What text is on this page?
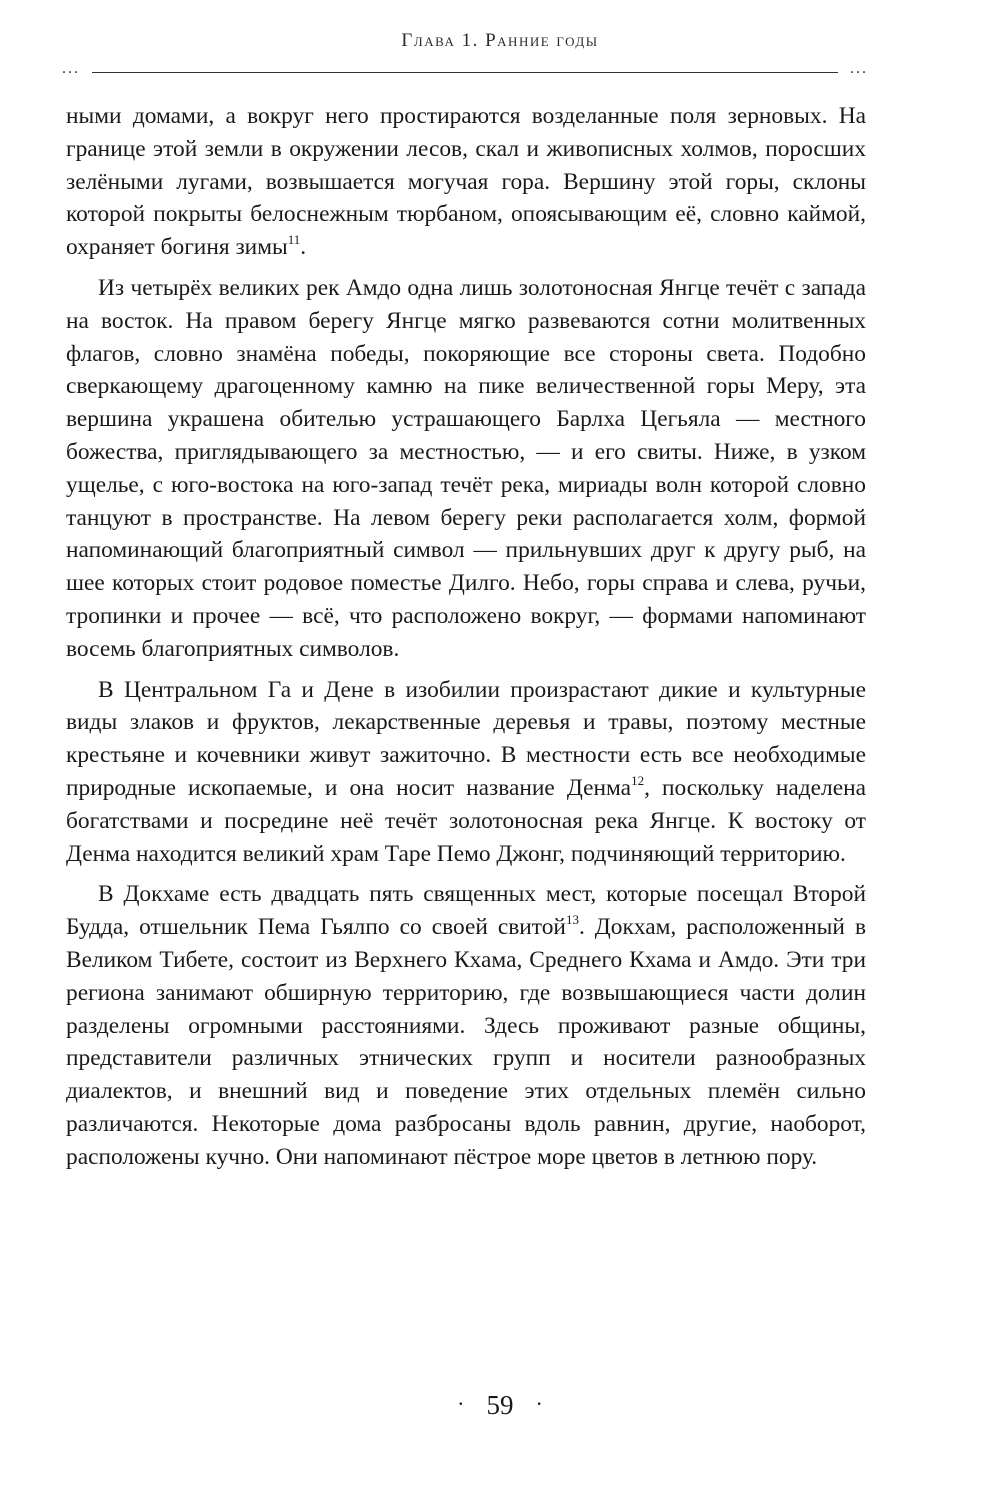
Глава 1. Ранние годы
...	...

ными домами, а вокруг него простираются возделанные поля зерновых. На границе этой земли в окружении лесов, скал и живописных холмов, поросших зелёными лугами, возвышается могучая гора. Вершину этой горы, склоны которой покрыты белоснежным тюрбаном, опоясывающим её, словно каймой, охраняет богиня зимы$^{11}$.

Из четырёх великих рек Амдо одна лишь золотоносная Янгце течёт с запада на восток. На правом берегу Янгце мягко развеваются сотни молитвенных флагов, словно знамёна победы, покоряющие все стороны света. Подобно сверкающему драгоценному камню на пике величественной горы Меру, эта вершина украшена обителью устрашающего Барлха Цегьяла — местного божества, приглядывающего за местностью, — и его свиты. Ниже, в узком ущелье, с юго-востока на юго-запад течёт река, мириады волн которой словно танцуют в пространстве. На левом берегу реки располагается холм, формой напоминающий благоприятный символ — прильнувших друг к другу рыб, на шее которых стоит родовое поместье Дилго. Небо, горы справа и слева, ручьи, тропинки и прочее — всё, что расположено вокруг, — формами напоминают восемь благоприятных символов.

В Центральном Га и Дене в изобилии произрастают дикие и культурные виды злаков и фруктов, лекарственные деревья и травы, поэтому местные крестьяне и кочевники живут зажиточно. В местности есть все необходимые природные ископаемые, и она носит название Денма$^{12}$, поскольку наделена богатствами и посредине неё течёт золотоносная река Янгце. К востоку от Денма находится великий храм Таре Пемо Джонг, подчиняющий территорию.

В Докхаме есть двадцать пять священных мест, которые посещал Второй Будда, отшельник Пема Гьялпо со своей свитой$^{13}$. Докхам, расположенный в Великом Тибете, состоит из Верхнего Кхама, Среднего Кхама и Амдо. Эти три региона занимают обширную территорию, где возвышающиеся части долин разделены огромными расстояниями. Здесь проживают разные общины, представители различных этнических групп и носители разнообразных диалектов, и внешний вид и поведение этих отдельных племён сильно различаются. Некоторые дома разбросаны вдоль равнин, другие, наоборот, расположены кучно. Они напоминают пёстрое море цветов в летнюю пору.

· 59 ·
